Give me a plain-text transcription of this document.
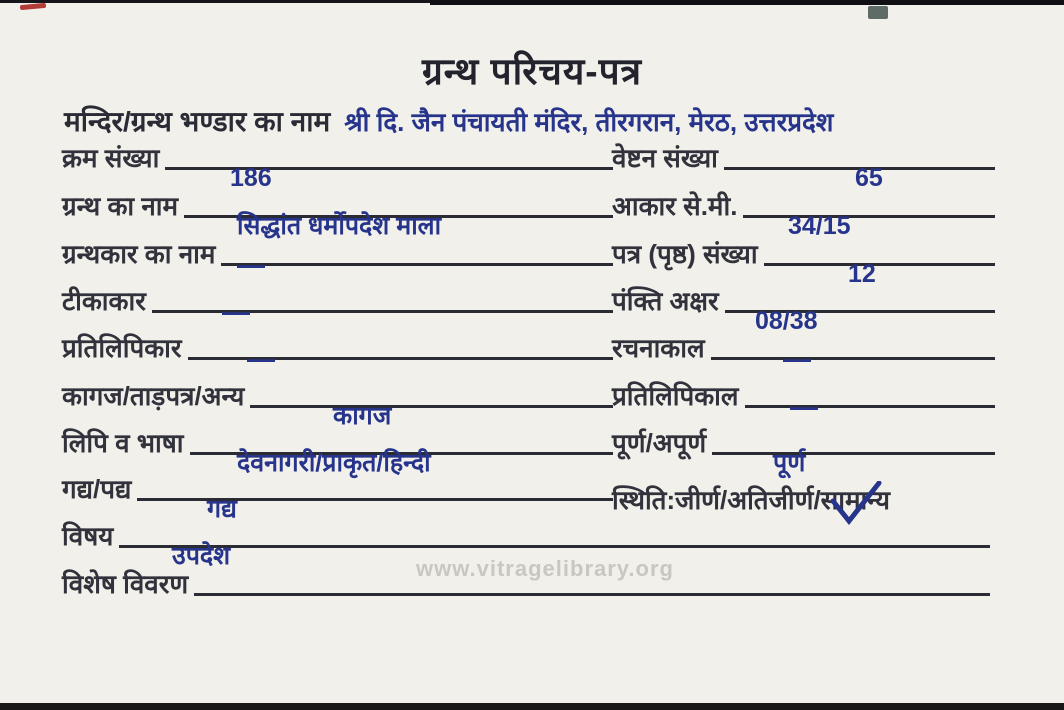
ग्रन्थ परिचय-पत्र
मन्दिर/ग्रन्थ भण्डार का नाम श्री दि. जैन पंचायती मंदिर, तीरगरान, मेरठ, उत्तरप्रदेश
क्रम संख्या
186
ग्रन्थ का नाम
सिद्धांत धर्मोपदेश माला
ग्रन्थकार का नाम —
टीकाकार	—
प्रतिलिपिकार —
कागज/ताड़पत्र/अन्य
कागज
लिपि व भाषा
देवनागरी/प्राकृत/हिन्दी
गद्य/पद्य
गद्य
विषय
उपदेश
विशेष विवरण
वेष्टन संख्या
65
आकार से.मी.
34/15
पत्र (पृष्ठ) संख्या
12
पंक्ति अक्षर
08/38
रचनाकाल	—
प्रतिलिपिकाल —
पूर्ण/अपूर्ण
पूर्ण
स्थिति:जीर्ण/अतिजीर्ण/सामान्य
www.vitragelibrary.org
